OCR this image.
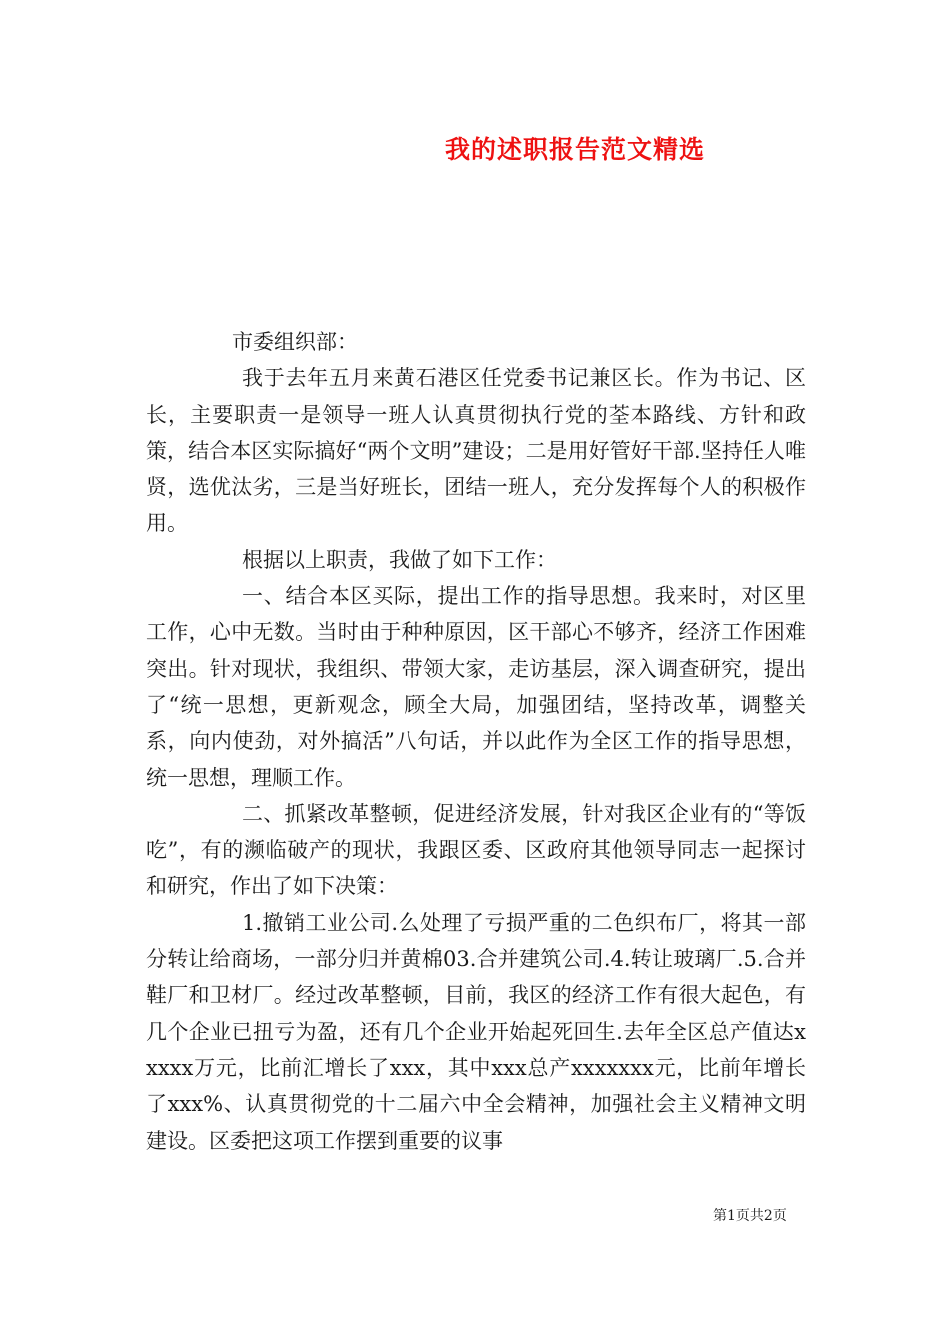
我的述职报告范文精选

市委组织部：

我于去年五月来黄石港区任党委书记兼区长。作为书记、区长，主要职责一是领导一班人认真贯彻执行党的荃本路线、方针和政策，结合本区实际搞好“两个文明”建设；二是用好管好干部.坚持任人唯贤，选优汰劣，三是当好班长，团结一班人，充分发挥每个人的积极作用。

根据以上职责，我做了如下工作：

一、结合本区买际，提出工作的指导思想。我来时，对区里工作，心中无数。当时由于种种原因，区干部心不够齐，经济工作困难突出。针对现状，我组织、带领大家，走访基层，深入调查研究，提出了“统一思想，更新观念，顾全大局，加强团结，坚持改革，调整关系，向内使劲，对外搞活”八句话，并以此作为全区工作的指导思想，统一思想，理顺工作。

二、抓紧改革整顿，促进经济发展，针对我区企业有的“等饭吃”，有的濒临破产的现状，我跟区委、区政府其他领导同志一起探讨和研究，作出了如下决策：

1.撤销工业公司.么处理了亏损严重的二色织布厂，将其一部分转让给商场，一部分归并黄棉03.合并建筑公司.4.转让玻璃厂.5.合并鞋厂和卫材厂。经过改革整顿，目前，我区的经济工作有很大起色，有几个企业已扭亏为盈，还有几个企业开始起死回生.去年全区总产值达xxxxx万元，比前汇增长了xxx，其中xxx总产xxxxxxx元，比前年增长了xxx%、认真贯彻党的十二届六中全会精神，加强社会主义精神文明建设。区委把这项工作摆到重要的议事

第1页共2页
